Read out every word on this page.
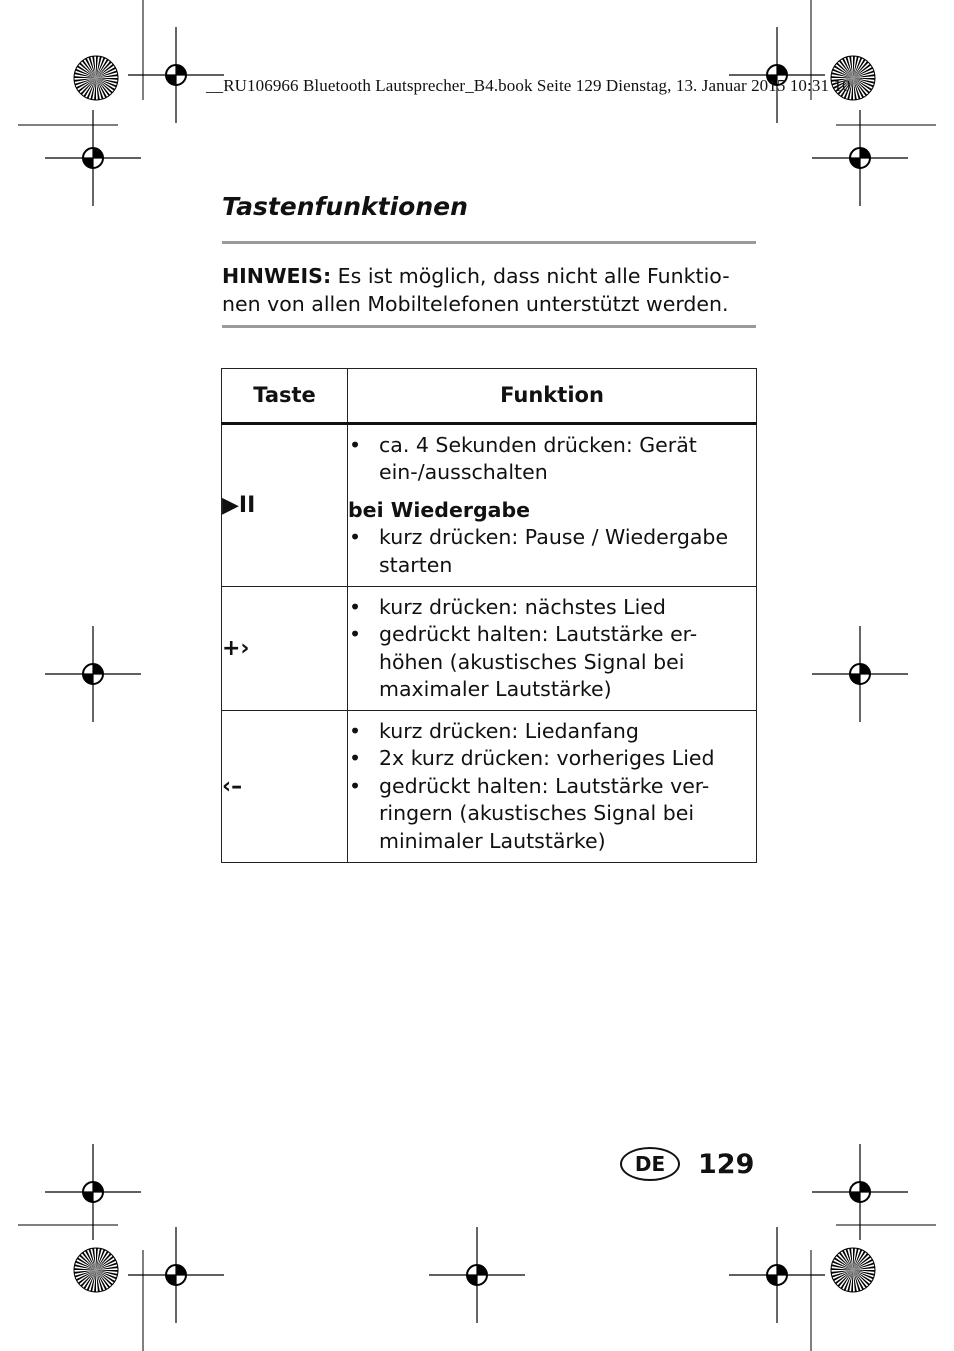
__RU106966 Bluetooth Lautsprecher_B4.book Seite 129 Dienstag, 13. Januar 2015 10:31 10
Tastenfunktionen
HINWEIS: Es ist möglich, dass nicht alle Funktio-nen von allen Mobiltelefonen unterstützt werden.
Taste	Funktion
▶II	• ca. 4 Sekunden drücken: Gerät ein-/ausschalten
bei Wiedergabe
• kurz drücken: Pause / Wiedergabe starten

+›	• kurz drücken: nächstes Lied
• gedrückt halten: Lautstärke er-höhen (akustisches Signal bei maximaler Lautstärke)

‹–	• kurz drücken: Liedanfang
• 2x kurz drücken: vorheriges Lied
• gedrückt halten: Lautstärke ver-ringern (akustisches Signal bei minimaler Lautstärke)
DE	129
